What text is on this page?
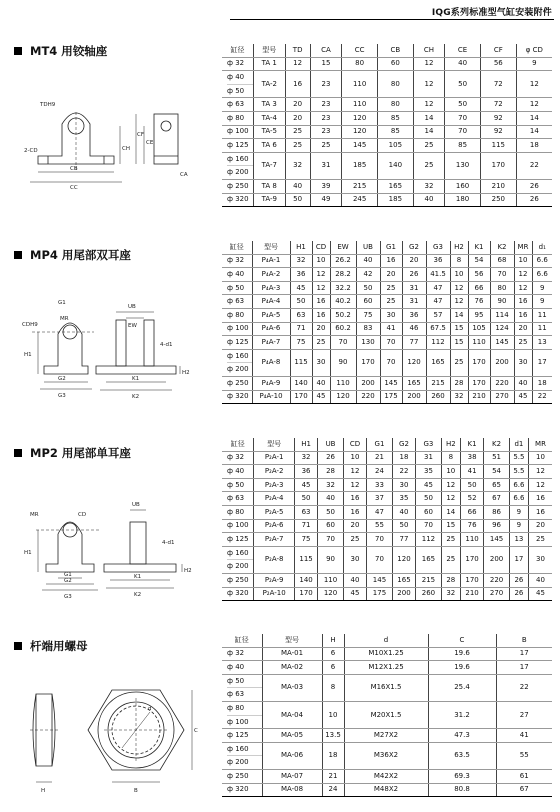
IQG系列标准型气缸安装附件
MT4 用铰轴座
TDH9
2-CD
CB
CC
CH
CE
CF
CA
缸径	型号	TD	CA	CC	CB	CH	CE	CF	φ CD
ф 32	TA 1	12	15	80	60	12	40	56	9

ф 40
ф 50	TA-2	16	23	110	80	12	50	72	12
ф 63	TA 3	20	23	110	80	12	50	72	12
ф 80	TA-4	20	23	120	85	14	70	92	14
ф 100	TA-5	25	23	120	85	14	70	92	14
ф 125	TA 6	25	25	145	105	25	85	115	18

ф 160
ф 200	TA-7	32	31	185	140	25	130	170	22
ф 250	TA 8	40	39	215	165	32	160	210	26
ф 320	TA-9	50	49	245	185	40	180	250	26
MP4 用尾部双耳座
G1
MR
CDH9
H1
G2
G3
UB
EW
4-d1
H2
K1
K2
缸径	型号	H1	CD	EW	UB	G1	G2	G3	H2	K1	K2	MR	d₁
ф 32	P₄A-1	32	10	26.2	40	16	20	36	8	54	68	10	6.6
ф 40	P₄A-2	36	12	28.2	42	20	26	41.5	10	56	70	12	6.6
ф 50	P₄A-3	45	12	32.2	50	25	31	47	12	66	80	12	9
ф 63	P₄A-4	50	16	40.2	60	25	31	47	12	76	90	16	9
ф 80	P₄A-5	63	16	50.2	75	30	36	57	14	95	114	16	11
ф 100	P₄A-6	71	20	60.2	83	41	46	67.5	15	105	124	20	11
ф 125	P₄A-7	75	25	70	130	70	77	112	15	110	145	25	13

ф 160
ф 200	P₄A-8	115	30	90	170	70	120	165	25	170	200	30	17
ф 250	P₄A-9	140	40	110	200	145	165	215	28	170	220	40	18
ф 320	P₄A-10	170	45	120	220	175	200	260	32	210	270	45	22
MP2 用尾部单耳座
MR	CD
H1
G1
G2
G3
UB
4-d1
H2
K1
K2
缸径	型号	H1	UB	CD	G1	G2	G3	H2	K1	K2	d1	MR
ф 32	P₂A-1	32	26	10	21	18	31	8	38	51	5.5	10
ф 40	P₂A-2	36	28	12	24	22	35	10	41	54	5.5	12
ф 50	P₂A-3	45	32	12	33	30	45	12	50	65	6.6	12
ф 63	P₂A-4	50	40	16	37	35	50	12	52	67	6.6	16
ф 80	P₂A-5	63	50	16	47	40	60	14	66	86	9	16
ф 100	P₂A-6	71	60	20	55	50	70	15	76	96	9	20
ф 125	P₂A-7	75	70	25	70	77	112	25	110	145	13	25

ф 160
ф 200	P₂A-8	115	90	30	70	120	165	25	170	200	17	30
ф 250	P₂A-9	140	110	40	145	165	215	28	170	220	26	40
ф 320	P₂A-10	170	120	45	175	200	260	32	210	270	26	45
杆端用螺母
H	B
C
d
缸径	型号	H	d	C	B
ф 32	MA-01	6	M10X1.25	19.6	17
ф 40	MA-02	6	M12X1.25	19.6	17

ф 50
ф 63	MA-03	8	M16X1.5	25.4	22

ф 80
ф 100	MA-04	10	M20X1.5	31.2	27
ф 125	MA-05	13.5	M27X2	47.3	41

ф 160
ф 200	MA-06	18	M36X2	63.5	55
ф 250	MA-07	21	M42X2	69.3	61
ф 320	MA-08	24	M48X2	80.8	67
